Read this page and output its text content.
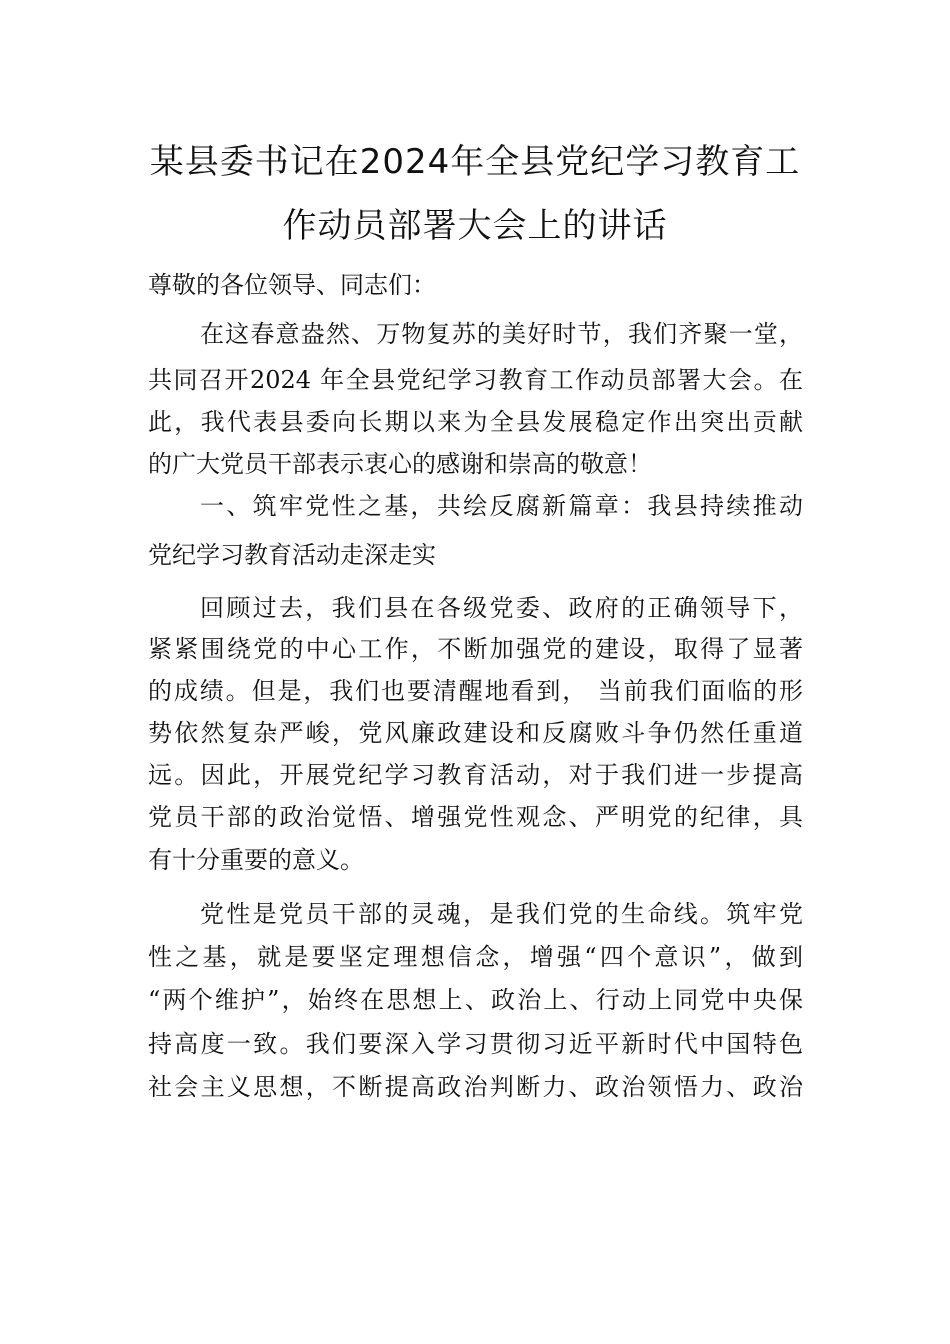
某县委书记在2024年全县党纪学习教育工
作动员部署大会上的讲话
尊敬的各位领导、同志们：
在这春意盎然、万物复苏的美好时节，我们齐聚一堂，
共同召开2024 年全县党纪学习教育工作动员部署大会。在
此，我代表县委向长期以来为全县发展稳定作出突出贡献
的广大党员干部表示衷心的感谢和崇高的敬意！
一、筑牢党性之基，共绘反腐新篇章：我县持续推动
党纪学习教育活动走深走实
回顾过去，我们县在各级党委、政府的正确领导下，
紧紧围绕党的中心工作，不断加强党的建设，取得了显著
的成绩。但是，我们也要清醒地看到， 当前我们面临的形
势依然复杂严峻，党风廉政建设和反腐败斗争仍然任重道
远。因此，开展党纪学习教育活动，对于我们进一步提高
党员干部的政治觉悟、增强党性观念、严明党的纪律，具
有十分重要的意义。
党性是党员干部的灵魂，是我们党的生命线。筑牢党
性之基，就是要坚定理想信念，增强“四个意识”，做到
“两个维护”，始终在思想上、政治上、行动上同党中央保
持高度一致。我们要深入学习贯彻习近平新时代中国特色
社会主义思想，不断提高政治判断力、政治领悟力、政治
